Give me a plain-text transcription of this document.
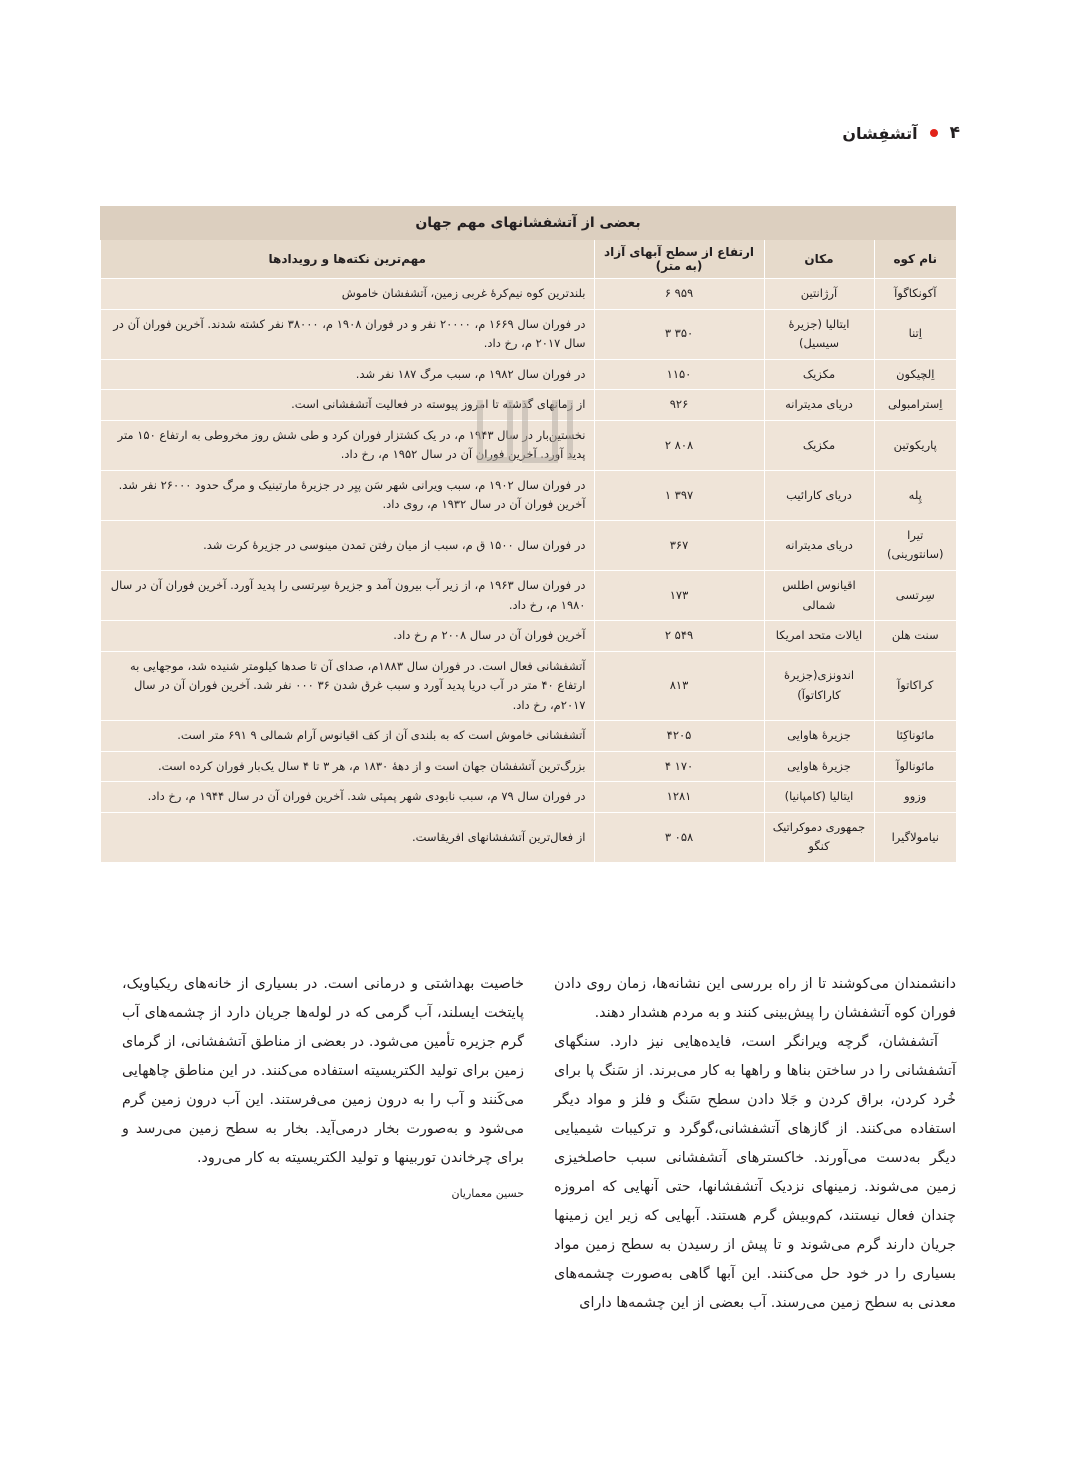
۴
آتشفِشان
بعضی از آتشفشانهای مهم جهان
نام کوه	مکان	ارتفاع از سطح آبهای آزاد (به متر)	مهم‌ترین نکته‌ها و رویدادها
آکونکاگوآ	آرژانتین	۶ ۹۵۹	بلندترین کوه نیم‌کرهٔ غربی زمین، آتشفشان خاموش
اِتنا	ایتالیا (جزیرهٔ سیسیل)	۳ ۳۵۰	در فوران سال ۱۶۶۹ م، ۲۰۰۰۰ نفر و در فوران ۱۹۰۸ م، ۳۸۰۰۰ نفر کشته شدند. آخرین فوران آن در سال ۲۰۱۷ م، رخ داد.
اِلچیکون	مکزیک	۱۱۵۰	در فوران سال ۱۹۸۲ م، سبب مرگ ۱۸۷ نفر شد.
اِسترامبولی	دریای مدیترانه	۹۲۶	از زمانهای گذشته تا امروز پیوسته در فعالیت آتشفشانی است.
پاریکوتین	مکزیک	۲ ۸۰۸	نخستین‌بار در سال ۱۹۴۳ م، در یک کشتزار فوران کرد و طی شش روز مخروطی به ارتفاع ۱۵۰ متر پدید آورد. آخرین فوران آن در سال ۱۹۵۲ م، رخ داد.
پِله	دریای کارائیب	۱ ۳۹۷	در فوران سال ۱۹۰۲ م، سبب ویرانی شهر سَن پیِر در جزیرهٔ مارتینیک و مرگ حدود ۲۶۰۰۰ نفر شد. آخرین فوران آن در سال ۱۹۳۲ م، روی داد.
تیرا (سانتورینی)	دریای مدیترانه	۳۶۷	در فوران سال ۱۵۰۰ ق م، سبب از میان رفتن تمدن مینوسی در جزیرهٔ کرت شد.
سِرتسی	اقیانوس اطلس شمالی	۱۷۳	در فوران سال ۱۹۶۳ م، از زیر آب بیرون آمد و جزیرهٔ سِرتسی را پدید آورد. آخرین فوران آن در سال ۱۹۸۰ م، رخ داد.
سنت هلن	ایالات متحد امریکا	۲ ۵۴۹	آخرین فوران آن در سال ۲۰۰۸ م رخ داد.
کراکاتوآ	اندونزی(جزیرهٔ کاراکاتوآ)	۸۱۳	آتشفشانی فعال است. در فوران سال ۱۸۸۳م، صدای آن تا صدها کیلومتر شنیده شد، موجهایی به ارتفاع ۴۰ متر در آب دریا پدید آورد و سبب غرق شدن ۳۶ ۰۰۰ نفر شد. آخرین فوران آن در سال ۲۰۱۷م، رخ داد.
مائوناکِئا	جزیرهٔ هاوایی	۴۲۰۵	آتشفشانی خاموش است که به بلندی آن از کف اقیانوس آرام شمالی ۹ ۶۹۱ متر است.
مائونالوآ	جزیرهٔ هاوایی	۴ ۱۷۰	بزرگ‌ترین آتشفشان جهان است و از دههٔ ۱۸۳۰ م، هر ۳ تا ۴ سال یک‌بار فوران کرده است.
وزوو	ایتالیا (کامپانیا)	۱۲۸۱	در فوران سال ۷۹ م، سبب نابودی شهر پمپئی شد. آخرین فوران آن در سال ۱۹۴۴ م، رخ داد.
نیامولاگیرا	جمهوری دموکراتیک کنگو	۳ ۰۵۸	از فعال‌ترین آتشفشانهای افریقاست.

دانشمندان می‌کوشند تا از راه بررسی این نشانه‌ها، زمان روی دادن فوران کوه آتشفشان را پیش‌بینی کنند و به مردم هشدار دهند.

آتشفشان، گرچه ویرانگر است، فایده‌هایی نیز دارد. سنگهای آتشفشانی را در ساختن بناها و راهها به کار می‌برند. از سَنگ پا برای خُرد کردن، براق کردن و جَلا دادن سطح سَنگ و فلز و مواد دیگر استفاده می‌کنند. از گازهای آتشفشانی،گوگرد و ترکیبات شیمیایی دیگر به‌دست می‌آورند. خاکسترهای آتشفشانی سبب حاصلخیزی زمین می‌شوند. زمینهای نزدیک آتشفشانها، حتی آنهایی که امروزه چندان فعال نیستند، کم‌وبیش گرم هستند. آبهایی که زیر این زمینها جریان دارند گرم می‌شوند و تا پیش از رسیدن به سطح زمین مواد بسیاری را در خود حل می‌کنند. این آبها گاهی به‌صورت چشمه‌های معدنی به سطح زمین می‌رسند. آب بعضی از این چشمه‌ها دارای

خاصیت بهداشتی و درمانی است. در بسیاری از خانه‌های ریکیاویک، پایتخت ایسلند، آب گرمی که در لوله‌ها جریان دارد از چشمه‌های آب گرم جزیره تأمین می‌شود. در بعضی از مناطق آتشفشانی، از گرمای زمین برای تولید الکتریسیته استفاده می‌کنند. در این مناطق چاههایی می‌کَنند و آب را به درون زمین می‌فرستند. این آب درون زمین گرم می‌شود و به‌صورت بخار درمی‌آید. بخار به سطح زمین می‌رسد و برای چرخاندن توربینها و تولید الکتریسیته به کار می‌رود.

حسین معماریان
